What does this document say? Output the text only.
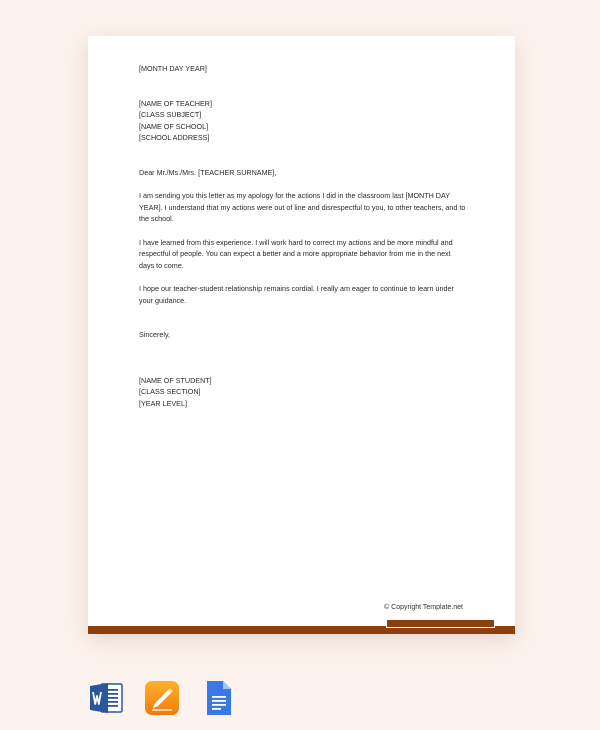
[MONTH DAY YEAR]

[NAME OF TEACHER]

[CLASS SUBJECT]

[NAME OF SCHOOL]

[SCHOOL ADDRESS]

Dear Mr./Ms./Mrs. [TEACHER SURNAME],

I am sending you this letter as my apology for the actions I did in the classroom last [MONTH DAY YEAR]. I understand that my actions were out of line and disrespectful to you, to other teachers, and to the school.

I have learned from this experience. I will work hard to correct my actions and be more mindful and respectful of people. You can expect a better and a more appropriate behavior from me in the next days to come.

I hope our teacher-student relationship remains cordial. I really am eager to continue to learn under your guidance.

Sincerely,

[NAME OF STUDENT]

[CLASS SECTION]

[YEAR LEVEL]

© Copyright Template.net
